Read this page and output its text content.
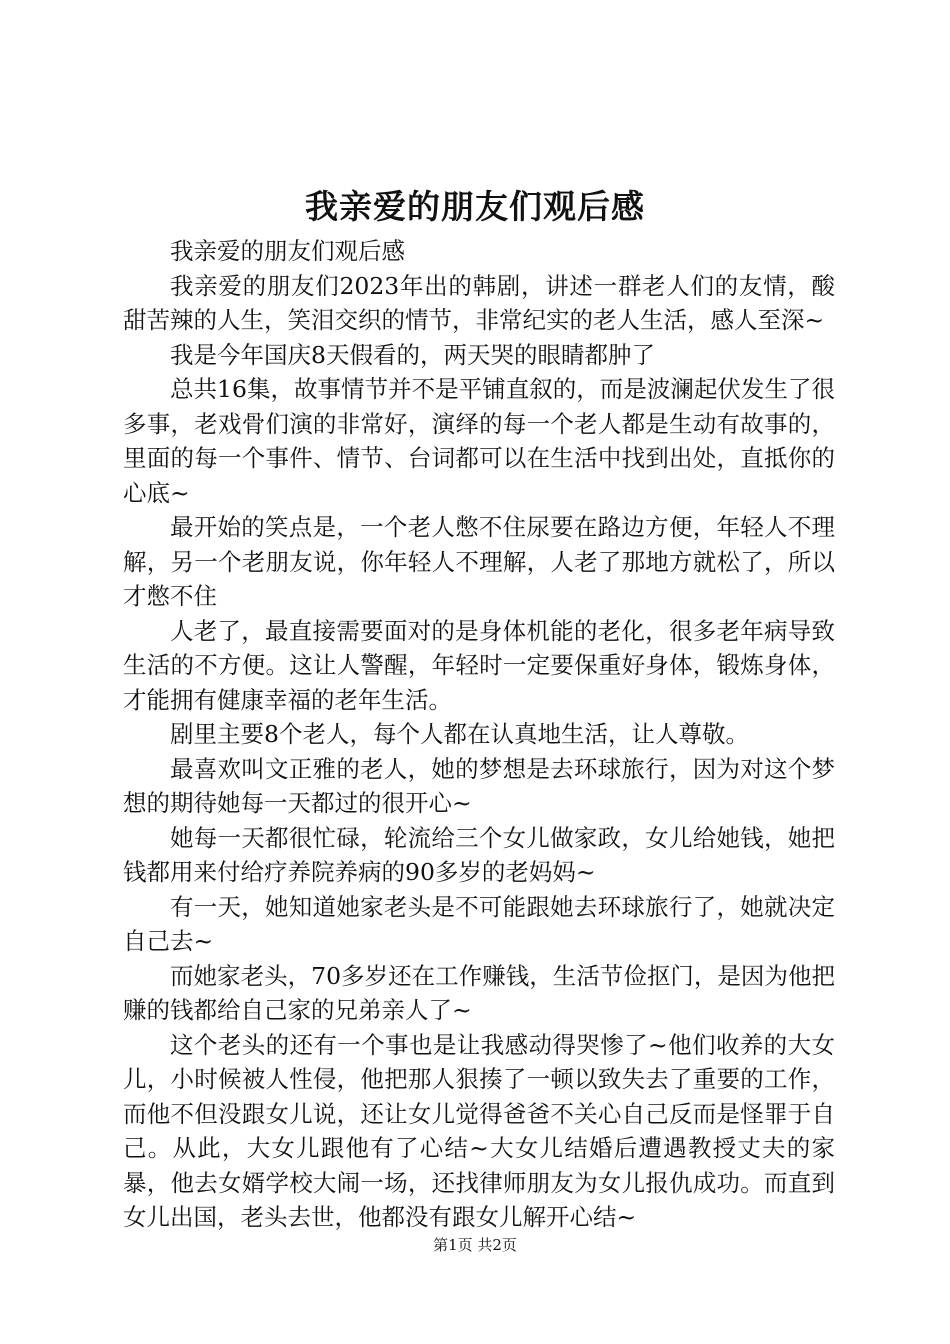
我亲爱的朋友们观后感

我亲爱的朋友们观后感

我亲爱的朋友们2023年出的韩剧，讲述一群老人们的友情，酸甜苦辣的人生，笑泪交织的情节，非常纪实的老人生活，感人至深~

我是今年国庆8天假看的，两天哭的眼睛都肿了

总共16集，故事情节并不是平铺直叙的，而是波澜起伏发生了很多事，老戏骨们演的非常好，演绎的每一个老人都是生动有故事的，里面的每一个事件、情节、台词都可以在生活中找到出处，直抵你的心底~

最开始的笑点是，一个老人憋不住尿要在路边方便，年轻人不理解，另一个老朋友说，你年轻人不理解，人老了那地方就松了，所以才憋不住

人老了，最直接需要面对的是身体机能的老化，很多老年病导致生活的不方便。这让人警醒，年轻时一定要保重好身体，锻炼身体，才能拥有健康幸福的老年生活。

剧里主要8个老人，每个人都在认真地生活，让人尊敬。

最喜欢叫文正雅的老人，她的梦想是去环球旅行，因为对这个梦想的期待她每一天都过的很开心~

她每一天都很忙碌，轮流给三个女儿做家政，女儿给她钱，她把钱都用来付给疗养院养病的90多岁的老妈妈~

有一天，她知道她家老头是不可能跟她去环球旅行了，她就决定自己去~

而她家老头，70多岁还在工作赚钱，生活节俭抠门，是因为他把赚的钱都给自己家的兄弟亲人了~

这个老头的还有一个事也是让我感动得哭惨了~他们收养的大女儿，小时候被人性侵，他把那人狠揍了一顿以致失去了重要的工作，而他不但没跟女儿说，还让女儿觉得爸爸不关心自己反而是怪罪于自己。从此，大女儿跟他有了心结~大女儿结婚后遭遇教授丈夫的家暴，他去女婿学校大闹一场，还找律师朋友为女儿报仇成功。而直到女儿出国，老头去世，他都没有跟女儿解开心结~

第1页 共2页
